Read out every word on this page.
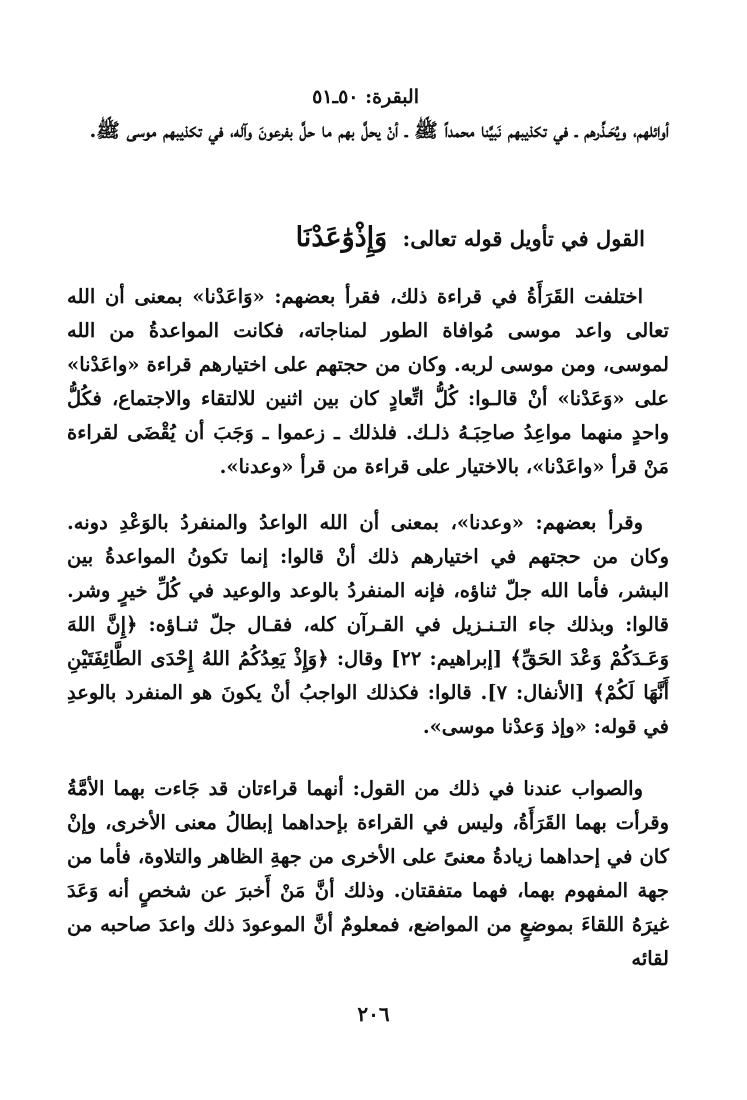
البقرة: ٥٠ـ٥١

أوائلهم، ويُحَـذِّرهم ـ في تكذيبهم نَبيَّنا محمداً ﷺ ـ أنْ يحلَّ بهم ما حلَّ بفرعونَ وآله، في تكذيبهم موسى ﷺ.

القول في تأويل قوله تعالى: وَإِذْوَٰعَدْنَا

اختلفت القَرَأَةُ في قراءة ذلك، فقرأ بعضهم: «وَاعَدْنا» بمعنى أن الله تعالى واعد موسى مُوافاة الطور لمناجاته، فكانت المواعدةُ من الله لموسى، ومن موسى لربه. وكان من حجتهم على اختيارهم قراءة «واعَدْنا» على «وَعَدْنا» أنْ قالـوا: كُلُّ اتِّعادٍ كان بين اثنين للالتقاء والاجتماع، فكُلُّ واحدٍ منهما مواعِدُ صاحِبَـهُ ذلـك. فلذلك ـ زعموا ـ وَجَبَ أن يُقْضَى لقراءة مَنْ قرأ «واعَدْنا»، بالاختيار على قراءة من قرأ «وعدنا».

وقرأ بعضهم: «وعدنا»، بمعنى أن الله الواعدُ والمنفردُ بالوَعْدِ دونه. وكان من حجتهم في اختيارهم ذلك أنْ قالوا: إنما تكونُ المواعدةُ بين البشر، فأما الله جلّ ثناؤه، فإنه المنفردُ بالوعد والوعيد في كُلِّ خيرٍ وشر. قالوا: وبذلك جاء التـنـزيل في القـرآن كله، فقـال جلّ ثنـاؤه: ﴿إِنَّ اللهَ وَعَـدَكُمْ وَعْدَ الحَقِّ﴾ [إبراهيم: ٢٢] وقال: ﴿وَإِذْ يَعِدُكُمُ اللهُ إِحْدَى الطَّائِفَتَيْنِ أَنَّهَا لَكُمْ﴾ [الأنفال: ٧]. قالوا: فكذلك الواجبُ أنْ يكونَ هو المنفرد بالوعدِ في قوله: «وإذ وَعدْنا موسى».

والصواب عندنا في ذلك من القول: أنهما قراءتان قد جَاءت بهما الأمَّةُ وقرأت بهما القَرَأَةُ، وليس في القراءة بإحداهما إبطالُ معنى الأخرى، وإنْ كان في إحداهما زيادةُ معنىً على الأخرى من جهةِ الظاهر والتلاوة، فأما من جهة المفهوم بهما، فهما متفقتان. وذلك أنَّ مَنْ أَخبرَ عن شخصٍ أنه وَعَدَ غيرَهُ اللقاءَ بموضعٍ من المواضع، فمعلومٌ أنَّ الموعودَ ذلك واعدَ صاحبه من لقائه

٢٠٦
